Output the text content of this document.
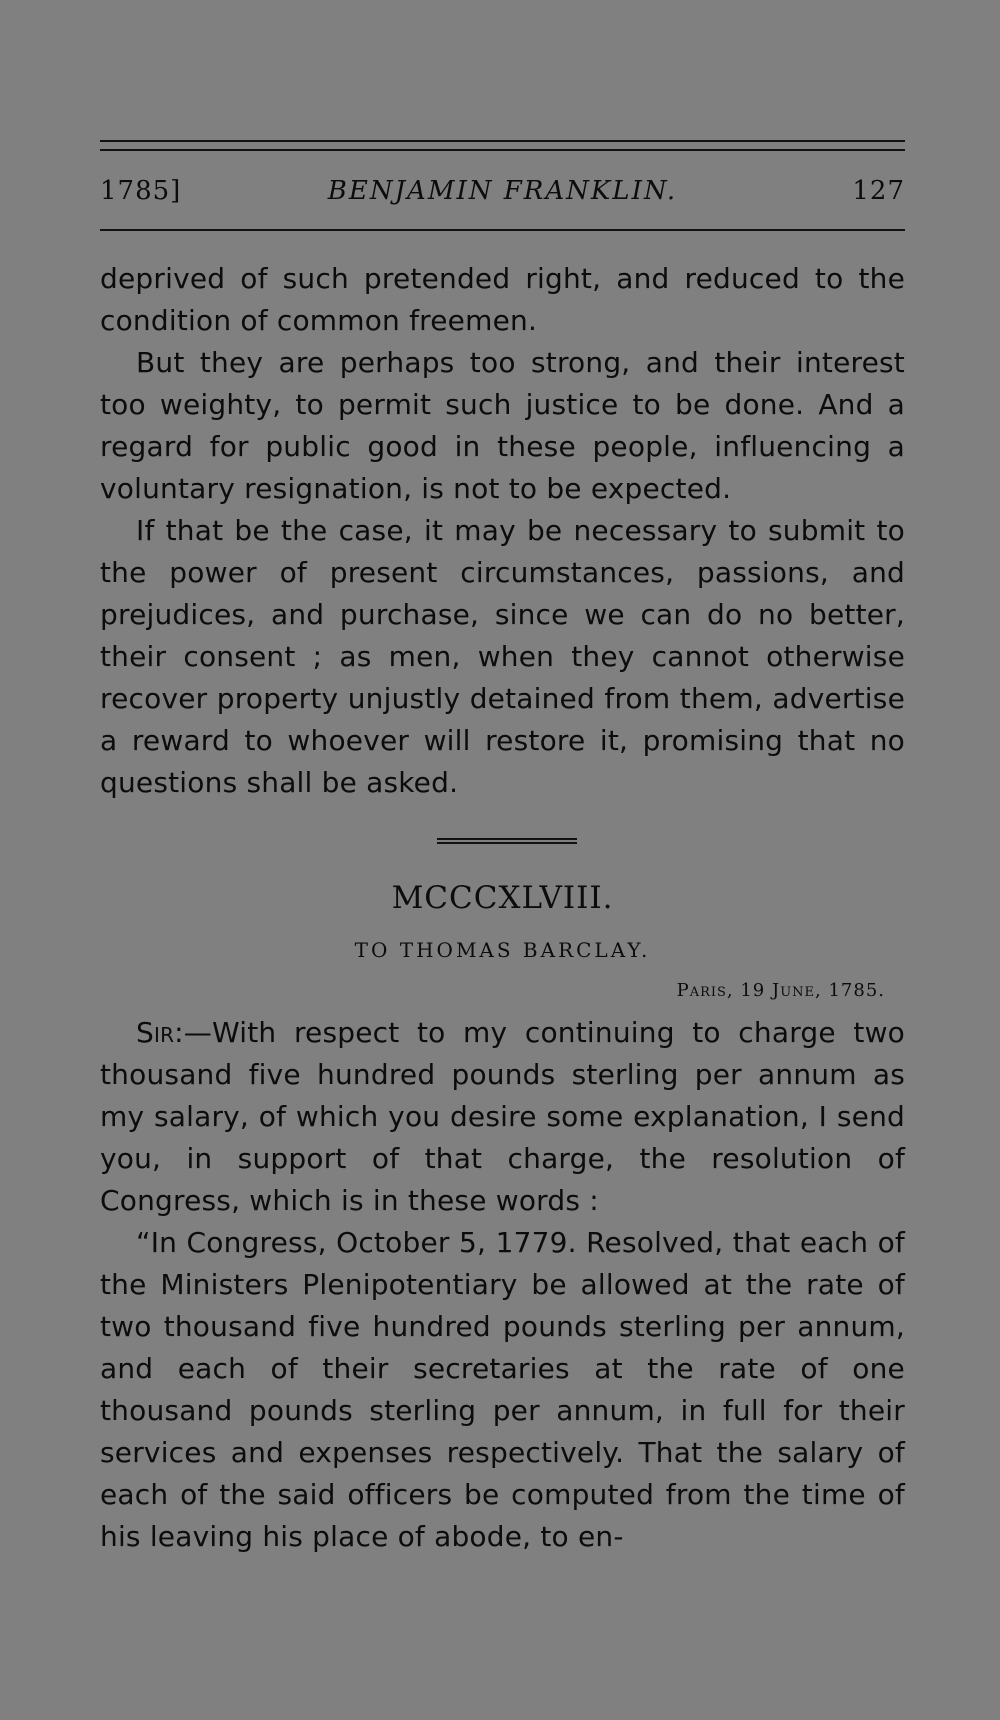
1785]	BENJAMIN FRANKLIN.	127

deprived of such pretended right, and reduced to the condition of common freemen.

But they are perhaps too strong, and their interest too weighty, to permit such justice to be done. And a regard for public good in these people, influencing a voluntary resignation, is not to be expected.

If that be the case, it may be necessary to submit to the power of present circumstances, passions, and prejudices, and purchase, since we can do no better, their consent ; as men, when they cannot otherwise recover property unjustly detained from them, advertise a reward to whoever will restore it, promising that no questions shall be asked.

MCCCXLVIII.
TO THOMAS BARCLAY.
Paris, 19 June, 1785.

Sir:—With respect to my continuing to charge two thousand five hundred pounds sterling per annum as my salary, of which you desire some explanation, I send you, in support of that charge, the resolution of Congress, which is in these words :

“In Congress, October 5, 1779. Resolved, that each of the Ministers Plenipotentiary be allowed at the rate of two thousand five hundred pounds sterling per annum, and each of their secretaries at the rate of one thousand pounds sterling per annum, in full for their services and expenses respectively. That the salary of each of the said officers be computed from the time of his leaving his place of abode, to en-
